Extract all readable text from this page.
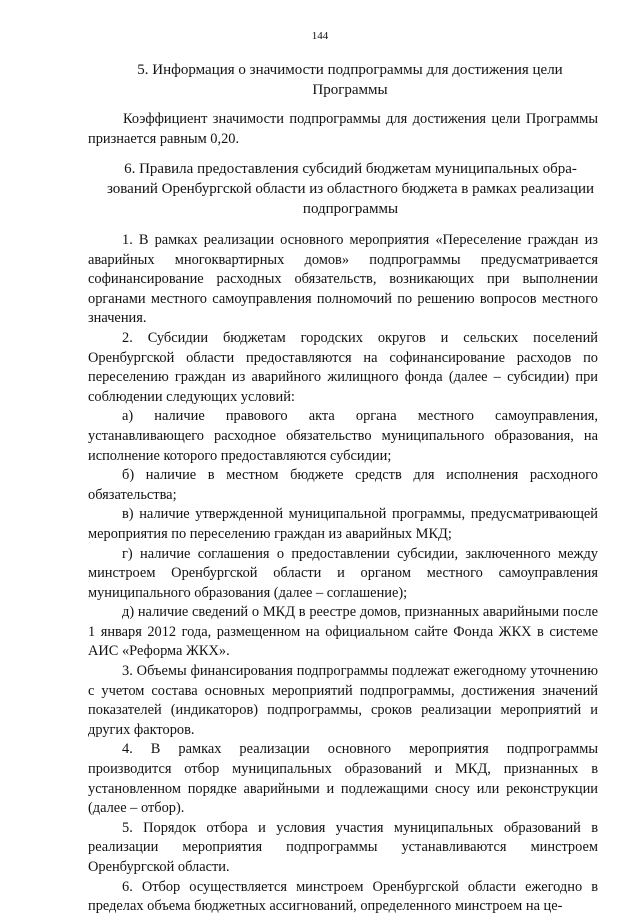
144
5. Информация о значимости подпрограммы для достижения цели
Программы
Коэффициент значимости подпрограммы для достижения цели Программы признается равным 0,20.
6. Правила предоставления субсидий бюджетам муниципальных обра-
зований Оренбургской области из областного бюджета в рамках реализации
подпрограммы

1. В рамках реализации основного мероприятия «Переселение граждан из аварийных многоквартирных домов» подпрограммы предусматривается софинансирование расходных обязательств, возникающих при выполнении органами местного самоуправления полномочий по решению вопросов местного значения.

2. Субсидии бюджетам городских округов и сельских поселений Оренбургской области предоставляются на софинансирование расходов по переселению граждан из аварийного жилищного фонда (далее – субсидии) при соблюдении следующих условий:

а) наличие правового акта органа местного самоуправления, устанавливающего расходное обязательство муниципального образования, на исполнение которого предоставляются субсидии;

б) наличие в местном бюджете средств для исполнения расходного обязательства;

в) наличие утвержденной муниципальной программы, предусматривающей мероприятия по переселению граждан из аварийных МКД;

г) наличие соглашения о предоставлении субсидии, заключенного между минстроем Оренбургской области и органом местного самоуправления муниципального образования (далее – соглашение);

д) наличие сведений о МКД в реестре домов, признанных аварийными после 1 января 2012 года, размещенном на официальном сайте Фонда ЖКХ в системе АИС «Реформа ЖКХ».

3. Объемы финансирования подпрограммы подлежат ежегодному уточнению с учетом состава основных мероприятий подпрограммы, достижения значений показателей (индикаторов) подпрограммы, сроков реализации мероприятий и других факторов.

4. В рамках реализации основного мероприятия подпрограммы производится отбор муниципальных образований и МКД, признанных в установленном порядке аварийными и подлежащими сносу или реконструкции (далее – отбор).

5. Порядок отбора и условия участия муниципальных образований в реализации мероприятия подпрограммы устанавливаются минстроем Оренбургской области.

6. Отбор осуществляется минстроем Оренбургской области ежегодно в пределах объема бюджетных ассигнований, определенного минстроем на це-
